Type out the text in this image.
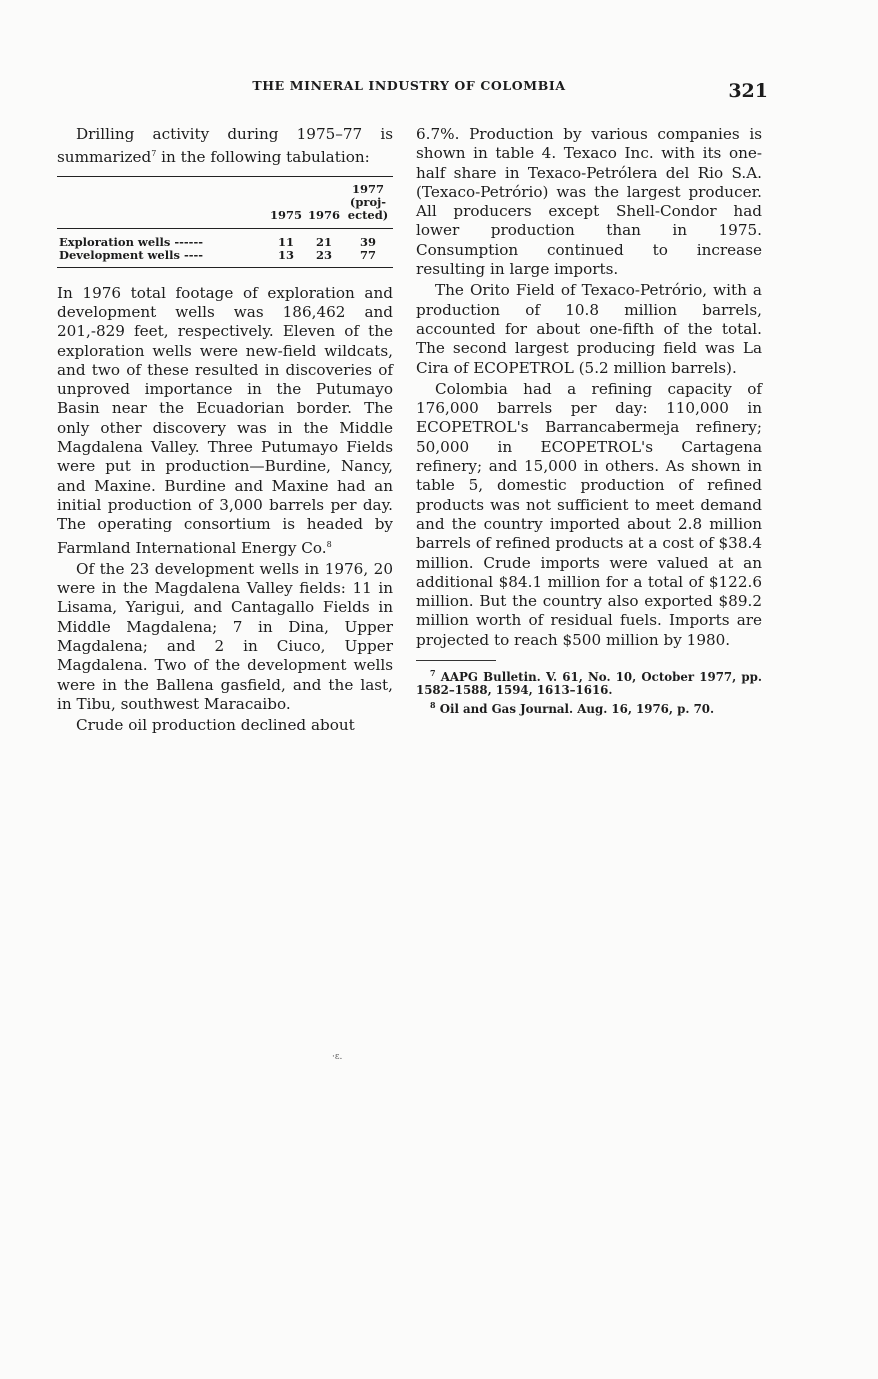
THE MINERAL INDUSTRY OF COLOMBIA	321

Drilling activity during 1975–77 is summarized$^7$ in the following tabulation:

	1975	1976	1977
(proj-
ected)
Exploration wells ------	11	21	39
Development wells ----	13	23	77

In 1976 total footage of exploration and development wells was 186,462 and 201,-829 feet, respectively. Eleven of the exploration wells were new-field wildcats, and two of these resulted in discoveries of unproved importance in the Putumayo Basin near the Ecuadorian border. The only other discovery was in the Middle Magdalena Valley. Three Putumayo Fields were put in production—Burdine, Nancy, and Maxine. Burdine and Maxine had an initial production of 3,000 barrels per day. The operating consortium is headed by Farmland International Energy Co.$^8$

Of the 23 development wells in 1976, 20 were in the Magdalena Valley fields: 11 in Lisama, Yarigui, and Cantagallo Fields in Middle Magdalena; 7 in Dina, Upper Magdalena; and 2 in Ciuco, Upper Magdalena. Two of the development wells were in the Ballena gasfield, and the last, in Tibu, southwest Maracaibo.

Crude oil production declined about

6.7%. Production by various companies is shown in table 4. Texaco Inc. with its one-half share in Texaco-Petrólera del Rio S.A. (Texaco-Petrório) was the largest producer. All producers except Shell-Condor had lower production than in 1975. Consumption continued to increase resulting in large imports.

The Orito Field of Texaco-Petrório, with a production of 10.8 million barrels, accounted for about one-fifth of the total. The second largest producing field was La Cira of ECOPETROL (5.2 million barrels).

Colombia had a refining capacity of 176,000 barrels per day: 110,000 in ECOPETROL's Barrancabermeja refinery; 50,000 in ECOPETROL's Cartagena refinery; and 15,000 in others. As shown in table 5, domestic production of refined products was not sufficient to meet demand and the country imported about 2.8 million barrels of refined products at a cost of $38.4 million. Crude imports were valued at an additional $84.1 million for a total of $122.6 million. But the country also exported $89.2 million worth of residual fuels. Imports are projected to reach $500 million by 1980.

$^7$ AAPG Bulletin. V. 61, No. 10, October 1977, pp. 1582–1588, 1594, 1613–1616.

$^8$ Oil and Gas Journal. Aug. 16, 1976, p. 70.

·ɛ.
